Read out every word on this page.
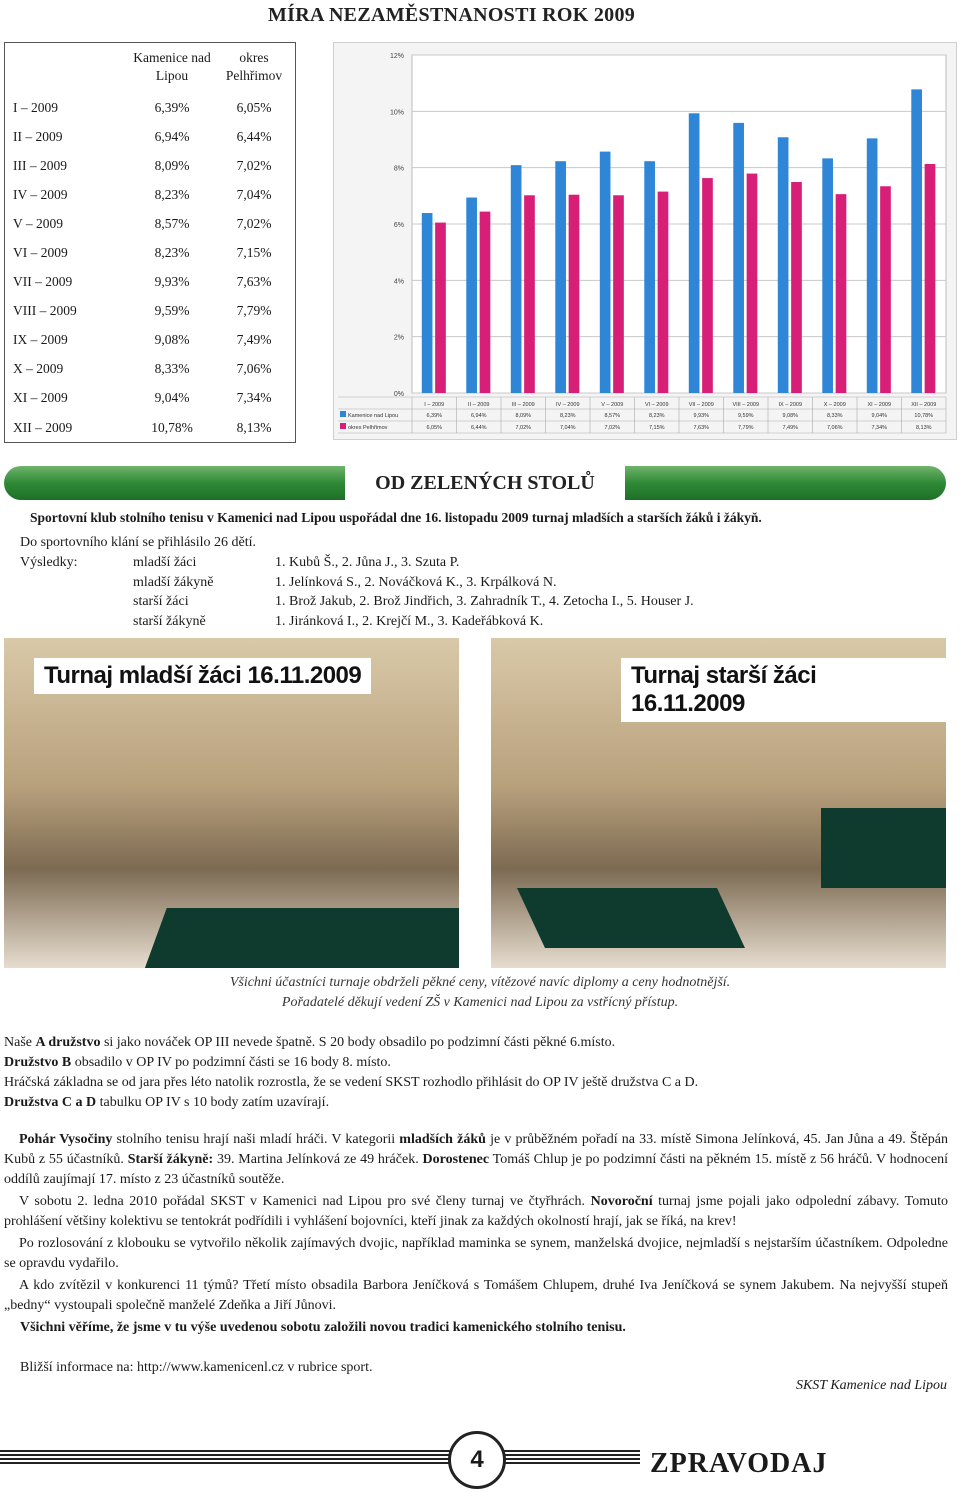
MÍRA NEZAMĚSTNANOSTI ROK 2009
	Kamenice nad Lipou	okres Pelhřimov
I – 2009	6,39%	6,05%
II – 2009	6,94%	6,44%
III – 2009	8,09%	7,02%
IV – 2009	8,23%	7,04%
V – 2009	8,57%	7,02%
VI – 2009	8,23%	7,15%
VII – 2009	9,93%	7,63%
VIII – 2009	9,59%	7,79%
IX – 2009	9,08%	7,49%
X – 2009	8,33%	7,06%
XI – 2009	9,04%	7,34%
XII – 2009	10,78%	8,13%
0%
2%
4%
6%
8%
10%
12%
I – 2009	II – 2009	III – 2009	IV – 2009	V – 2009	VI – 2009	VII – 2009	VIII – 2009	IX – 2009	X – 2009	XI – 2009	XII – 2009
Kamenice nad Lipou	6,39%	6,94%	8,09%	8,23%	8,57%	8,23%	9,93%	9,59%	9,08%	8,33%	9,04%	10,78%
okres Pelhřimov	6,05%	6,44%	7,02%	7,04%	7,02%	7,15%	7,63%	7,79%	7,49%	7,06%	7,34%	8,13%
OD ZELENÝCH STOLŮ
Sportovní klub stolního tenisu v Kamenici nad Lipou uspořádal dne 16. listopadu 2009 turnaj mladších a starších žáků i žákyň.
Do sportovního klání se přihlásilo 26 dětí.
Výsledky:	mladší žáci	1. Kubů Š., 2. Jůna J., 3. Szuta P.
mladší žákyně	1. Jelínková S., 2. Nováčková K., 3. Krpálková N.
starší žáci	1. Brož Jakub, 2. Brož Jindřich, 3. Zahradník T., 4. Zetocha I., 5. Houser J.
starší žákyně	1. Jiránková I., 2. Krejčí M., 3. Kadeřábková K.
Turnaj mladší žáci 16.11.2009	Turnaj starší žáci 16.11.2009
Všichni účastníci turnaje obdrželi pěkné ceny, vítězové navíc diplomy a ceny hodnotnější.
Pořadatelé děkují vedení ZŠ v Kamenici nad Lipou za vstřícný přístup.
Naše A družstvo si jako nováček OP III nevede špatně. S 20 body obsadilo po podzimní části pěkné 6.místo.
Družstvo B obsadilo v OP IV po podzimní části se 16 body 8. místo.
Hráčská základna se od jara přes léto natolik rozrostla, že se vedení SKST rozhodlo přihlásit do OP IV ještě družstva C a D.
Družstva C a D tabulku OP IV s 10 body zatím uzavírají.
Pohár Vysočiny stolního tenisu hrají naši mladí hráči. V kategorii mladších žáků je v průběžném pořadí na 33. místě Simona Jelínková, 45. Jan Jůna a 49. Štěpán Kubů z 55 účastníků. Starší žákyně: 39. Martina Jelínková ze 49 hráček. Dorostenec Tomáš Chlup je po podzimní části na pěkném 15. místě z 56 hráčů. V hodnocení oddílů zaujímají 17. místo z 23 účastníků soutěže.
V sobotu 2. ledna 2010 pořádal SKST v Kamenici nad Lipou pro své členy turnaj ve čtyřhrách. Novoroční turnaj jsme pojali jako odpolední zábavy. Tomuto prohlášení většiny kolektivu se tentokrát podřídili i vyhlášení bojovníci, kteří jinak za každých okolností hrají, jak se říká, na krev!
Po rozlosování z klobouku se vytvořilo několik zajímavých dvojic, například maminka se synem, manželská dvojice, nejmladší s nejstarším účastníkem. Odpoledne se opravdu vydařilo.
A kdo zvítězil v konkurenci 11 týmů? Třetí místo obsadila Barbora Jeníčková s Tomášem Chlupem, druhé Iva Jeníčková se synem Jakubem. Na nejvyšší stupeň „bedny“ vystoupali společně manželé Zdeňka a Jiří Jůnovi.
Všichni věříme, že jsme v tu výše uvedenou sobotu založili novou tradici kamenického stolního tenisu.
Bližší informace na: http://www.kamenicenl.cz v rubrice sport.
SKST Kamenice nad Lipou
ZPRAVODAJ
4
